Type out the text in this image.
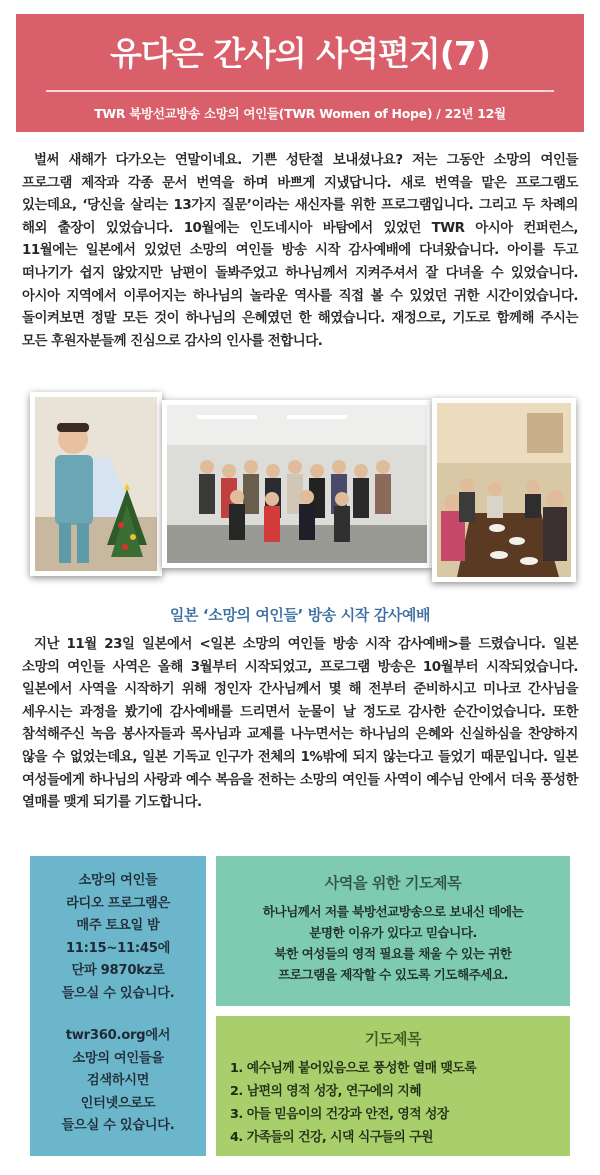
유다은 간사의 사역편지(7)
TWR 북방선교방송 소망의 여인들(TWR Women of Hope) / 22년 12월

벌써 새해가 다가오는 연말이네요. 기쁜 성탄절 보내셨나요? 저는 그동안 소망의 여인들 프로그램 제작과 각종 문서 번역을 하며 바쁘게 지냈답니다. 새로 번역을 맡은 프로그램도 있는데요, ‘당신을 살리는 13가지 질문’이라는 새신자를 위한 프로그램입니다. 그리고 두 차례의 해외 출장이 있었습니다. 10월에는 인도네시아 바탐에서 있었던 TWR 아시아 컨퍼런스, 11월에는 일본에서 있었던 소망의 여인들 방송 시작 감사예배에 다녀왔습니다. 아이를 두고 떠나기가 쉽지 않았지만 남편이 돌봐주었고 하나님께서 지켜주셔서 잘 다녀올 수 있었습니다. 아시아 지역에서 이루어지는 하나님의 놀라운 역사를 직접 볼 수 있었던 귀한 시간이었습니다. 돌이켜보면 정말 모든 것이 하나님의 은혜였던 한 해였습니다. 재정으로, 기도로 함께해 주시는 모든 후원자분들께 진심으로 감사의 인사를 전합니다.

일본 ‘소망의 여인들’ 방송 시작 감사예배

지난 11월 23일 일본에서 <일본 소망의 여인들 방송 시작 감사예배>를 드렸습니다. 일본 소망의 여인들 사역은 올해 3월부터 시작되었고, 프로그램 방송은 10월부터 시작되었습니다. 일본에서 사역을 시작하기 위해 정인자 간사님께서 몇 해 전부터 준비하시고 미나코 간사님을 세우시는 과정을 봤기에 감사예배를 드리면서 눈물이 날 정도로 감사한 순간이었습니다. 또한 참석해주신 녹음 봉사자들과 목사님과 교제를 나누면서는 하나님의 은혜와 신실하심을 찬양하지 않을 수 없었는데요, 일본 기독교 인구가 전체의 1%밖에 되지 않는다고 들었기 때문입니다. 일본 여성들에게 하나님의 사랑과 예수 복음을 전하는 소망의 여인들 사역이 예수님 안에서 더욱 풍성한 열매를 맺게 되기를 기도합니다.

소망의 여인들
라디오 프로그램은
매주 토요일 밤
11:15~11:45에
단파 9870kz로
들으실 수 있습니다.
twr360.org에서
소망의 여인들을
검색하시면
인터넷으로도
들으실 수 있습니다.
사역을 위한 기도제목
하나님께서 저를 북방선교방송으로 보내신 데에는
분명한 이유가 있다고 믿습니다.
북한 여성들의 영적 필요를 채울 수 있는 귀한
프로그램을 제작할 수 있도록 기도해주세요.
기도제목
1. 예수님께 붙어있음으로 풍성한 열매 맺도록
2. 남편의 영적 성장, 연구에의 지혜
3. 아들 믿음이의 건강과 안전, 영적 성장
4. 가족들의 건강, 시댁 식구들의 구원
